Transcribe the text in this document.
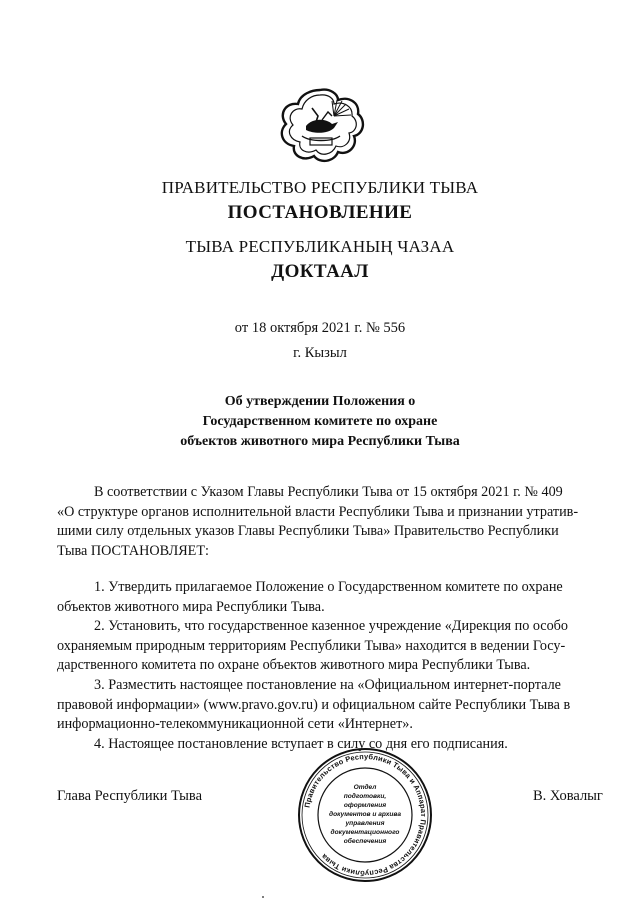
ПРАВИТЕЛЬСТВО РЕСПУБЛИКИ ТЫВА
ПОСТАНОВЛЕНИЕ
ТЫВА РЕСПУБЛИКАНЫҢ ЧАЗАА
ДОКТААЛ
от 18 октября 2021 г. № 556
г. Кызыл
Об утверждении Положения о
Государственном комитете по охране
объектов животного мира Республики Тыва

В соответствии с Указом Главы Республики Тыва от 15 октября 2021 г. № 409

«О структуре органов исполнительной власти Республики Тыва и признании утратив-
шими силу отдельных указов Главы Республики Тыва» Правительство Республики
Тыва ПОСТАНОВЛЯЕТ:

1. Утвердить прилагаемое Положение о Государственном комитете по охране

объектов животного мира Республики Тыва.

2. Установить, что государственное казенное учреждение «Дирекция по особо

охраняемым природным территориям Республики Тыва» находится в ведении Госу-
дарственного комитета по охране объектов животного мира Республики Тыва.

3. Разместить настоящее постановление на «Официальном интернет-портале

правовой информации» (www.pravo.gov.ru) и официальном сайте Республики Тыва в
информационно-телекоммуникационной сети «Интернет».

4. Настоящее постановление вступает в силу со дня его подписания.

Глава Республики Тыва	В. Ховалыг
Правительство Республики Тыва и Аппарат Правительства Республики Тыва
Отдел
подготовки,
оформления
документов и архива
управления
документационного
обеспечения
